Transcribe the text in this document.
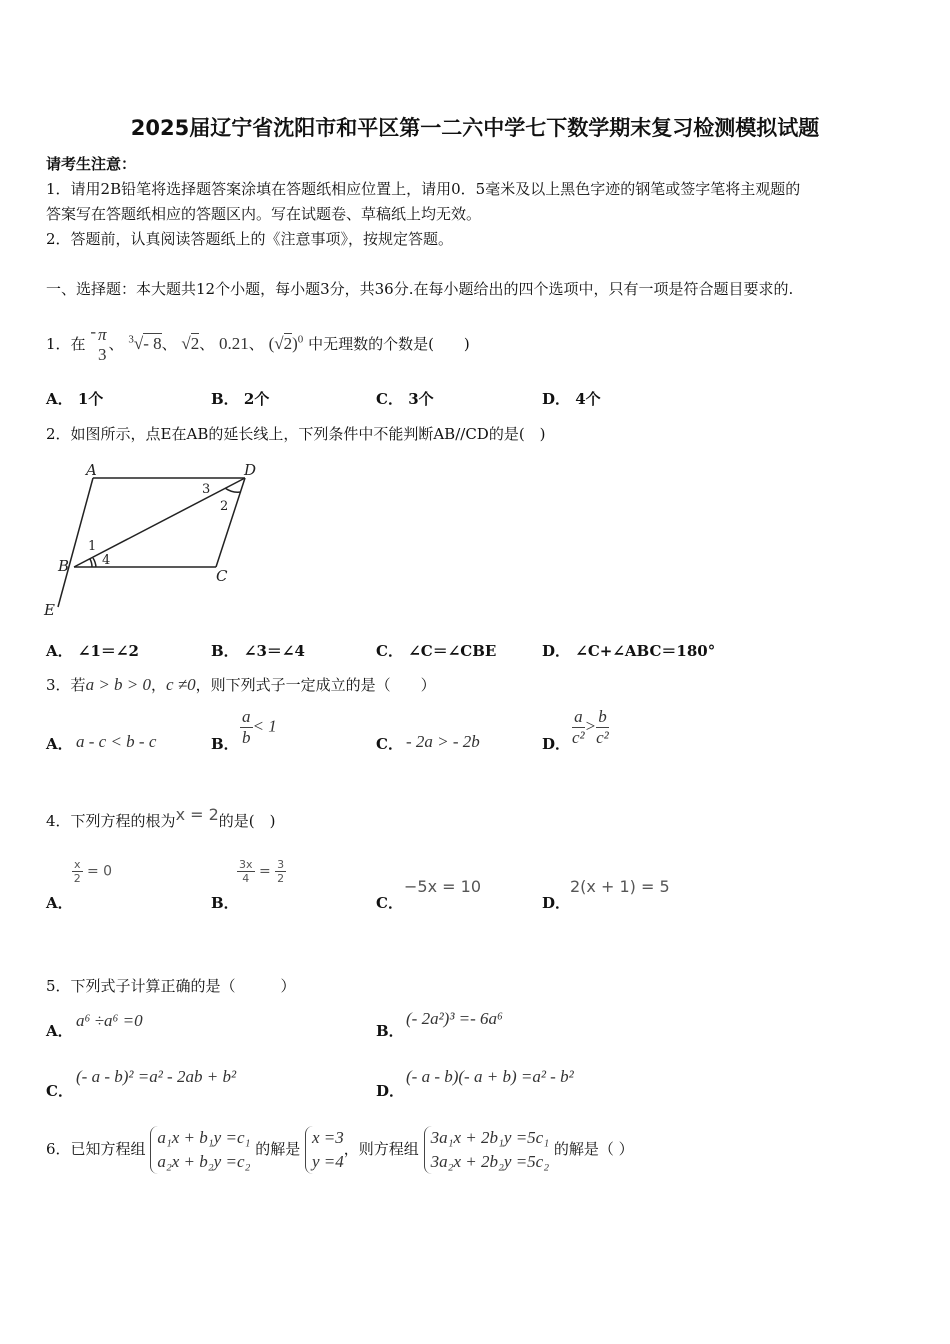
2025届辽宁省沈阳市和平区第一二六中学七下数学期末复习检测模拟试题
请考生注意：
1．请用2B铅笔将选择题答案涂填在答题纸相应位置上，请用0．5毫米及以上黑色字迹的钢笔或签字笔将主观题的
答案写在答题纸相应的答题区内。写在试题卷、草稿纸上均无效。
2．答题前，认真阅读答题纸上的《注意事项》，按规定答题。
一、选择题：本大题共12个小题，每小题3分，共36分.在每小题给出的四个选项中，只有一项是符合题目要求的.
1．在 - π
3
、 $^3$√- 8、 √2、 0.21、 $(√2)^0$ 中无理数的个数是(　　)
A． 1个	B． 2个	C． 3个	D． 4个
2．如图所示，点E在AB的延长线上，下列条件中不能判断AB//CD的是(　)
A	D
B
C
E
1
2
3
4
A． ∠1＝∠2	B． ∠3＝∠4	C． ∠C＝∠CBE	D． ∠C+∠ABC＝180°
3．若a > b > 0，c ≠0，则下列式子一定成立的是（　　）
A． a - c < b - c	B． $\frac{a}{b} < 1$
C． - 2a > - 2b	D． $\frac{a}{\text{c²}} > \frac{b}{\text{c²}}$
4．下列方程的根为x = 2的是(　)
A．
$\frac{x}{2} = 0$
B．
$\frac{3x}{4} = \frac{3}{2}$
C．
−5x = 10
D．
2(x + 1) = 5
5．下列式子计算正确的是（　　　）
A．
a⁶ ÷a⁶ =0
B．
(- 2a²)³ =- 6a⁶
C．
(- a - b)² =a² - 2ab + b²
D．
(- a - b)(- a + b) =a² - b²
6．已知方程组
a₁x + b₁y =c₁
a₂x + b₂y =c₂
的解是
x =3
y =4
，则方程组
3a₁x + 2b₁y =5c₁
3a₂x + 2b₂y =5c₂
的解是（ ）
